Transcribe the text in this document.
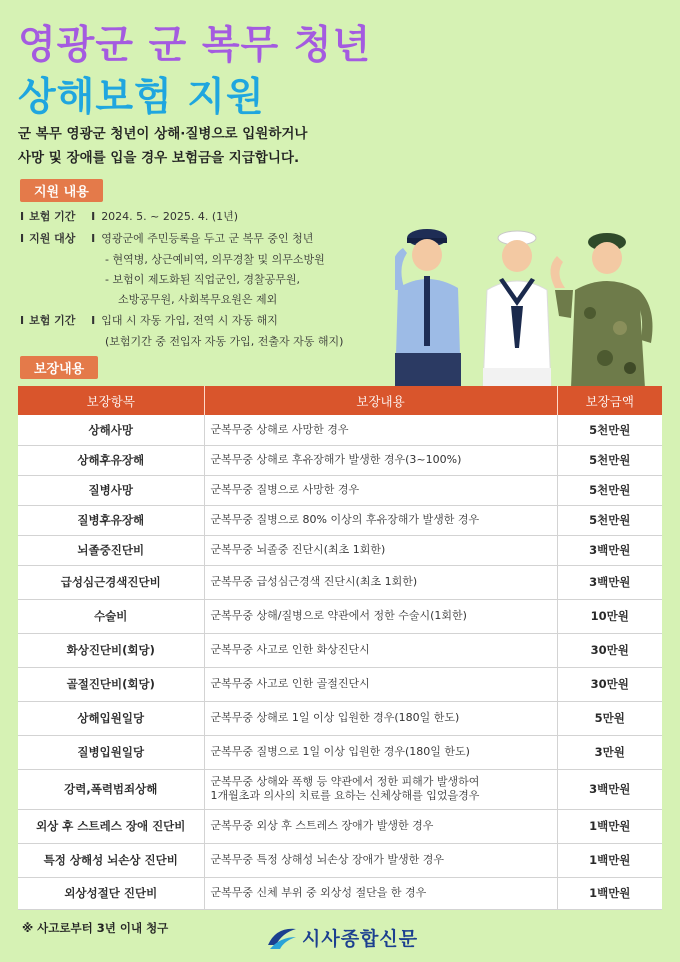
영광군 군 복무 청년
상해보험 지원
군 복무 영광군 청년이 상해·질병으로 입원하거나
사망 및 장애를 입을 경우 보험금을 지급합니다.
지원 내용
I 보험 기간	I 2024. 5. ~ 2025. 4. (1년)
I 지원 대상	I 영광군에 주민등록을 두고 군 복무 중인 청년
- 현역병, 상근예비역, 의무경찰 및 의무소방원
- 보험이 제도화된 직업군인, 경찰공무원,
소방공무원, 사회복무요원은 제외
I 보험 기간	I 입대 시 자동 가입, 전역 시 자동 해지
(보험기간 중 전입자 자동 가입, 전출자 자동 해지)
보장내용
보장항목	보장내용	보장금액
상해사망	군복무중 상해로 사망한 경우	5천만원
상해후유장해	군복무중 상해로 후유장해가 발생한 경우(3~100%)	5천만원
질병사망	군복무중 질병으로 사망한 경우	5천만원
질병후유장해	군복무중 질병으로 80% 이상의 후유장해가 발생한 경우	5천만원
뇌졸중진단비	군복무중 뇌졸중 진단시(최초 1회한)	3백만원
급성심근경색진단비	군복무중 급성심근경색 진단시(최초 1회한)	3백만원
수술비	군복무중 상해/질병으로 약관에서 정한 수술시(1회한)	10만원
화상진단비(회당)	군복무중 사고로 인한 화상진단시	30만원
골절진단비(회당)	군복무중 사고로 인한 골절진단시	30만원
상해입원일당	군복무중 상해로 1일 이상 입원한 경우(180일 한도)	5만원
질병입원일당	군복무중 질병으로 1일 이상 입원한 경우(180일 한도)	3만원
강력,폭력범죄상해	군복무중 상해와 폭행 등 약관에서 정한 피해가 발생하여
1개월초과 의사의 치료를 요하는 신체상해를 입었을경우	3백만원
외상 후 스트레스 장애 진단비	군복무중 외상 후 스트레스 장애가 발생한 경우	1백만원
특정 상해성 뇌손상 진단비	군복무중 특정 상해성 뇌손상 장애가 발생한 경우	1백만원
외상성절단 진단비	군복무중 신체 부위 중 외상성 절단을 한 경우	1백만원
※ 사고로부터 3년 이내 청구	시사종합신문
